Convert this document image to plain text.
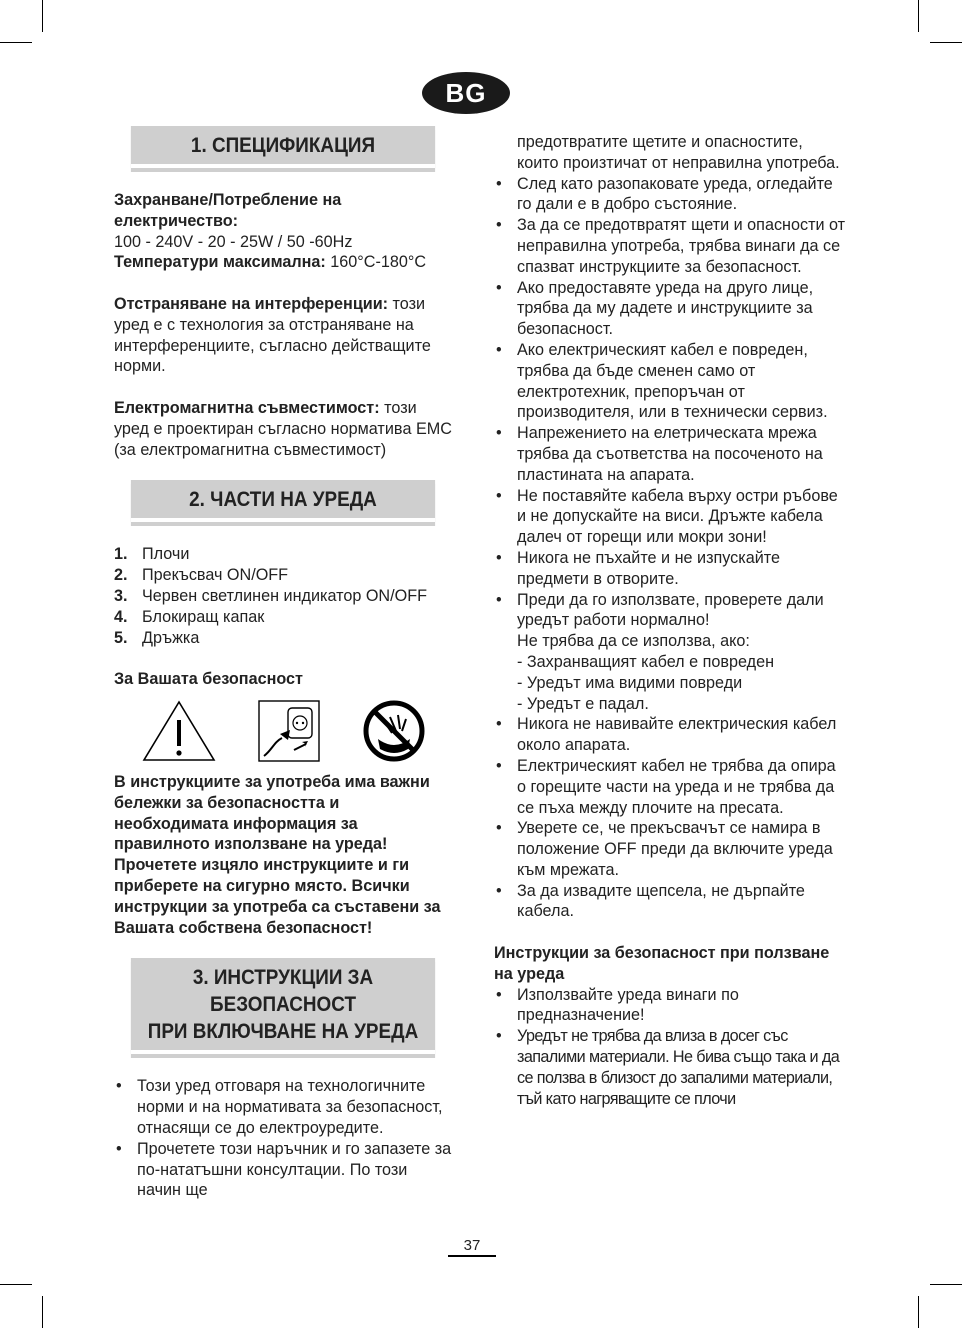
BG
1. СПЕЦИФИКАЦИЯ
Захранване/Потребление на електричество:
100 - 240V - 20 - 25W / 50 -60Hz
Температури максимална: 160°C-180°C
Отстраняване на интерференции: този уред е с технология за отстраняване на интерференциите, съгласно действащите норми.
Електромагнитна съвместимост: този уред е проектиран съгласно нормативa ЕМС (за електромагнитна съвместимост)
2. ЧАСТИ НА УРЕДА
1. Плочи
2. Прекъсвач ON/OFF
3. Червен светлинен индикатор ON/OFF
4. Блокиращ капак
5. Дръжка
За Вашата безопасност
В инструкциите за употреба има важни бележки за безопасността и необходимата информация за правилното използване на уреда! Прочетете изцяло инструкциите и ги приберете на сигурно място. Всички инструкции за употреба са съставени за Вашата собствена безопасност!
3. ИНСТРУКЦИИ ЗА БЕЗОПАСНОСТ
ПРИ ВКЛЮЧВАНЕ НА УРЕДА
• Този уред отговаря на технологичните норми и на нормативата за безопасност, отнасящи се до електроуредите.
• Прочетете този наръчник и го запазете за по-нататъшни консултации. По този начин ще
предотвратите щетите и опасностите, които произтичат от неправилна употреба.
• След като разопаковате уреда, огледайте го дали е в добро състояние.
• За да се предотвратят щети и опасности от неправилна употреба, трябва винаги да се спазват инструкциите за безопасност.
• Ако предоставяте уреда на друго лице, трябва да му дадете и инструкциите за безопасност.
• Ако електрическият кабел е повреден, трябва да бъде сменен само от електротехник, препоръчан от производителя, или в технически сервиз.
• Напрежението на елетрическата мрежа трябва да съответства на посоченото на пластината на апарата.
• Не поставяйте кабела върху остри ръбове и не допускайте на виси. Дръжте кабела далеч от горещи или мокри зони!
• Никога не пъхайте и не изпускайте предмети в отворите.
• Преди да го използвате, проверете дали уредът работи нормално!
Не трябва да се използва, ако:
- Захранващият кабел е повреден
- Уредът има видими повреди
- Уредът е падал.
• Никога не навивайте електрическия кабел около апарата.
• Електрическият кабел не трябва да опира о горещите части на уреда и не трябва да се пъха между плочите на пресата.
• Уверете се, че прекъсвачът се намира в положение OFF преди да включите уреда към мрежата.
• За да извадите щепсела, не дърпайте кабела.
Инструкции за безопасност при ползване на уреда
• Използвайте уреда винаги по предназначение!
• Уредът не трябва да влиза в досег със запалими материали. Не бива също така и да се ползва в близост до запалими материали, тъй като нагряващите се плочи
37
